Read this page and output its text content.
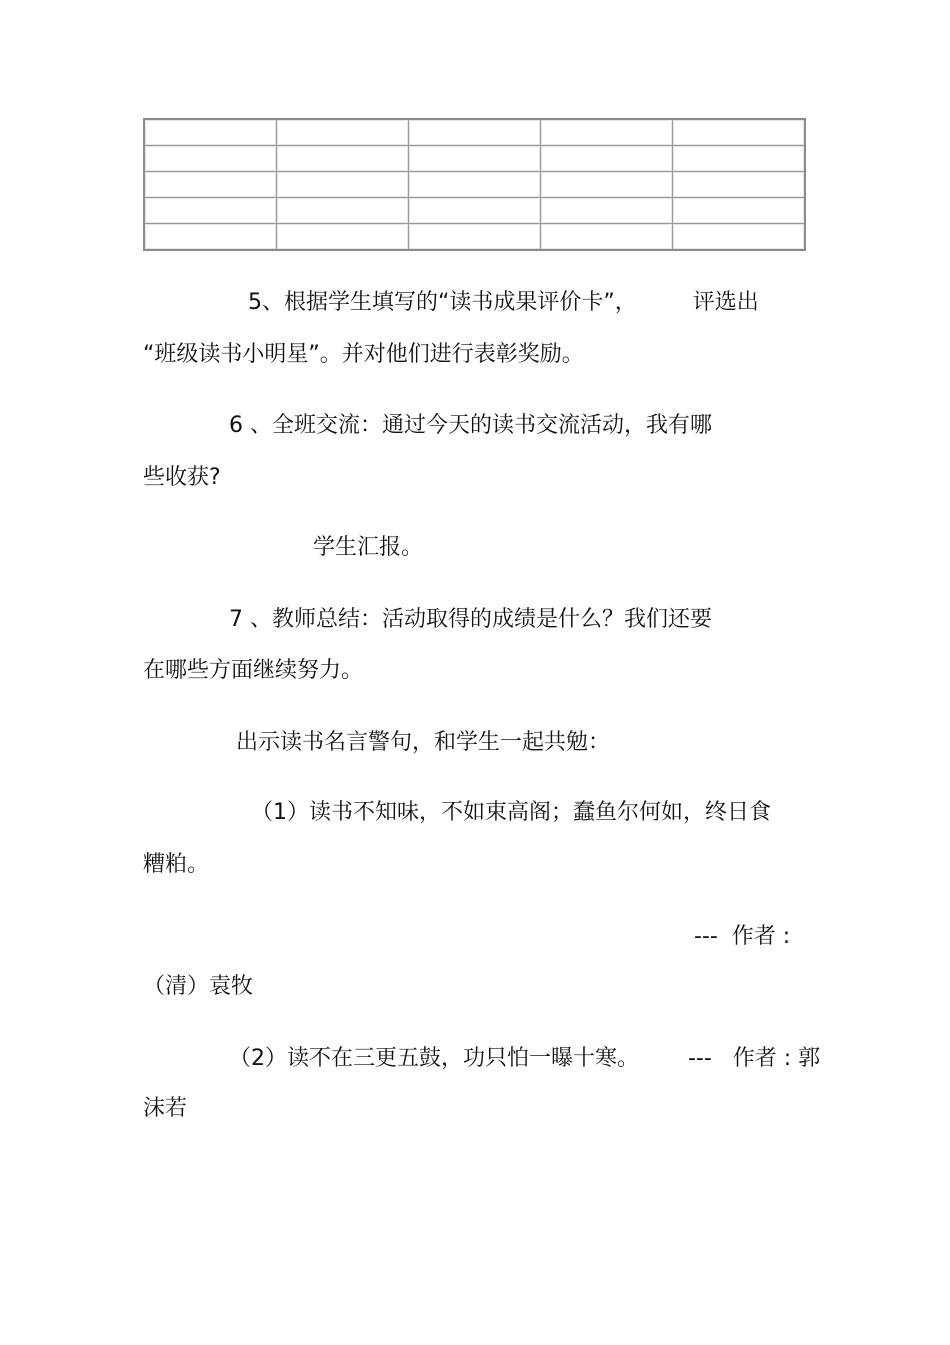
5、根据学生填写的“读书成果评价卡”，        评选出

“班级读书小明星”。并对他们进行表彰奖励。

6 、全班交流：通过今天的读书交流活动，我有哪

些收获?

学生汇报。

7 、教师总结：活动取得的成绩是什么？我们还要

在哪些方面继续努力。

出示读书名言警句，和学生一起共勉：

（1）读书不知味，不如束高阁；蠢鱼尔何如，终日食

糟粕。

---  作者 :

（清）袁牧

（2）读不在三更五鼓，功只怕一曝十寒。       ---   作者 : 郭

沫若
